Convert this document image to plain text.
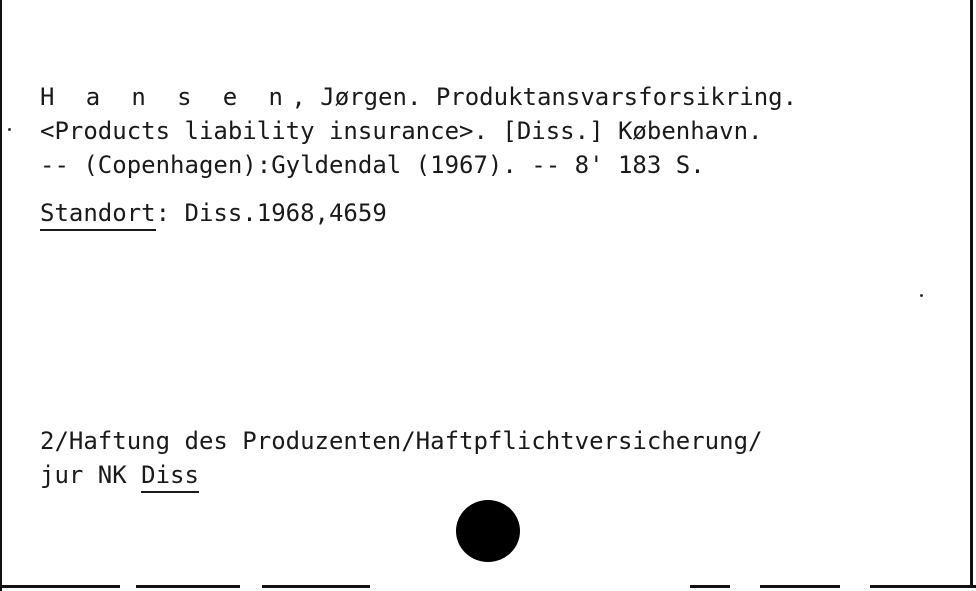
H a n s e n, Jørgen. Produktansvarsforsikring.
<Products liability insurance>. [Diss.] København.
-- (Copenhagen):Gyldendal (1967). -- 8' 183 S.
Standort: Diss.1968,4659
2/Haftung des Produzenten/Haftpflichtversicherung/
jur NK Diss
